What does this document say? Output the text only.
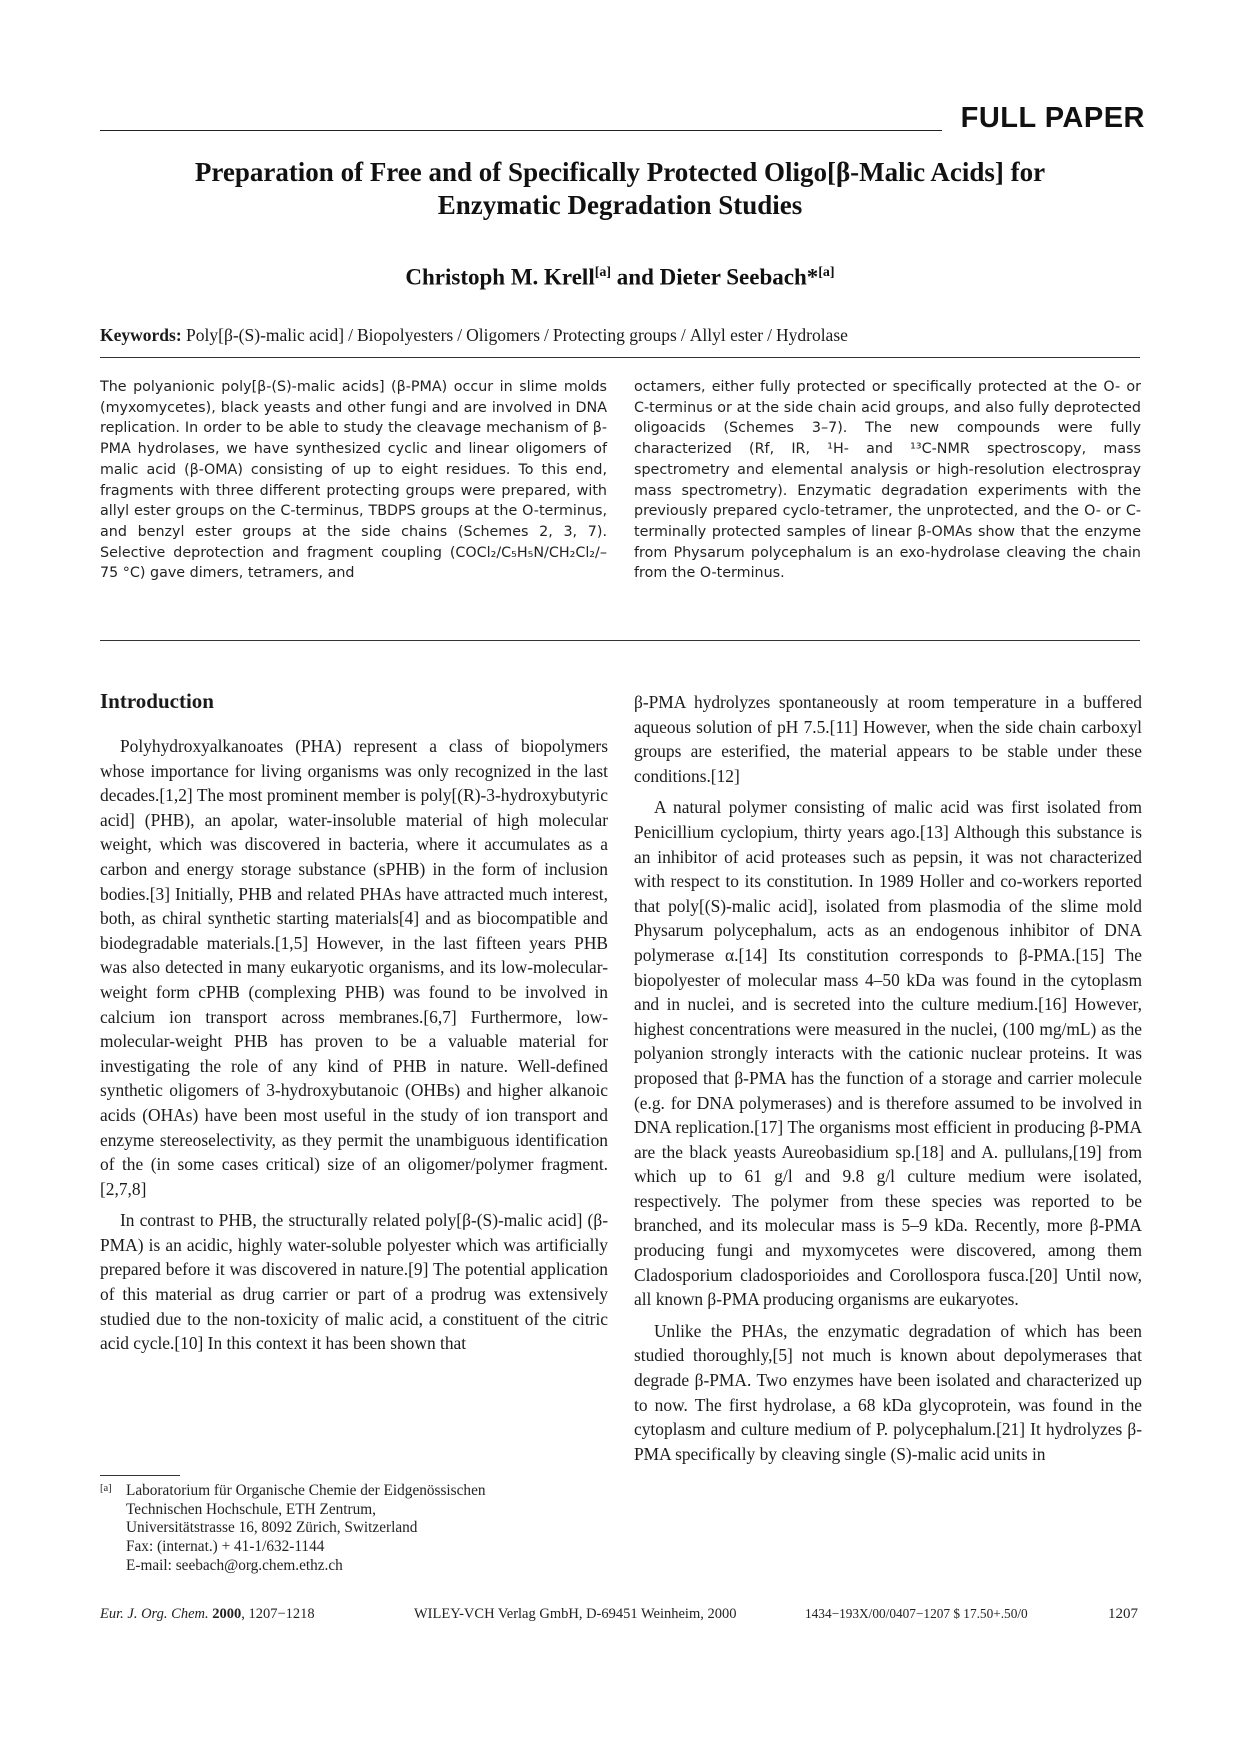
FULL PAPER
Preparation of Free and of Specifically Protected Oligo[β-Malic Acids] for
Enzymatic Degradation Studies
Christoph M. Krell[a] and Dieter Seebach*[a]
Keywords: Poly[β-(S)-malic acid] / Biopolyesters / Oligomers / Protecting groups / Allyl ester / Hydrolase

The polyanionic poly[β-(S)-malic acids] (β-PMA) occur in slime molds (myxomycetes), black yeasts and other fungi and are involved in DNA replication. In order to be able to study the cleavage mechanism of β-PMA hydrolases, we have synthesized cyclic and linear oligomers of malic acid (β-OMA) consisting of up to eight residues. To this end, fragments with three different protecting groups were prepared, with allyl ester groups on the C-terminus, TBDPS groups at the O-terminus, and benzyl ester groups at the side chains (Schemes 2, 3, 7). Selective deprotection and fragment coupling (COCl₂/C₅H₅N/CH₂Cl₂/–75 °C) gave dimers, tetramers, and

octamers, either fully protected or specifically protected at the O- or C-terminus or at the side chain acid groups, and also fully deprotected oligoacids (Schemes 3–7). The new compounds were fully characterized (Rf, IR, ¹H- and ¹³C-NMR spectroscopy, mass spectrometry and elemental analysis or high-resolution electrospray mass spectrometry). Enzymatic degradation experiments with the previously prepared cyclo-tetramer, the unprotected, and the O- or C-terminally protected samples of linear β-OMAs show that the enzyme from Physarum polycephalum is an exo-hydrolase cleaving the chain from the O-terminus.

Introduction

Polyhydroxyalkanoates (PHA) represent a class of biopolymers whose importance for living organisms was only recognized in the last decades.[1,2] The most prominent member is poly[(R)-3-hydroxybutyric acid] (PHB), an apolar, water-insoluble material of high molecular weight, which was discovered in bacteria, where it accumulates as a carbon and energy storage substance (sPHB) in the form of inclusion bodies.[3] Initially, PHB and related PHAs have attracted much interest, both, as chiral synthetic starting materials[4] and as biocompatible and biodegradable materials.[1,5] However, in the last fifteen years PHB was also detected in many eukaryotic organisms, and its low-molecular-weight form cPHB (complexing PHB) was found to be involved in calcium ion transport across membranes.[6,7] Furthermore, low-molecular-weight PHB has proven to be a valuable material for investigating the role of any kind of PHB in nature. Well-defined synthetic oligomers of 3-hydroxybutanoic (OHBs) and higher alkanoic acids (OHAs) have been most useful in the study of ion transport and enzyme stereoselectivity, as they permit the unambiguous identification of the (in some cases critical) size of an oligomer/polymer fragment.[2,7,8]

In contrast to PHB, the structurally related poly[β-(S)-malic acid] (β-PMA) is an acidic, highly water-soluble polyester which was artificially prepared before it was discovered in nature.[9] The potential application of this material as drug carrier or part of a prodrug was extensively studied due to the non-toxicity of malic acid, a constituent of the citric acid cycle.[10] In this context it has been shown that

β-PMA hydrolyzes spontaneously at room temperature in a buffered aqueous solution of pH 7.5.[11] However, when the side chain carboxyl groups are esterified, the material appears to be stable under these conditions.[12]

A natural polymer consisting of malic acid was first isolated from Penicillium cyclopium, thirty years ago.[13] Although this substance is an inhibitor of acid proteases such as pepsin, it was not characterized with respect to its constitution. In 1989 Holler and co-workers reported that poly[(S)-malic acid], isolated from plasmodia of the slime mold Physarum polycephalum, acts as an endogenous inhibitor of DNA polymerase α.[14] Its constitution corresponds to β-PMA.[15] The biopolyester of molecular mass 4–50 kDa was found in the cytoplasm and in nuclei, and is secreted into the culture medium.[16] However, highest concentrations were measured in the nuclei, (100 mg/mL) as the polyanion strongly interacts with the cationic nuclear proteins. It was proposed that β-PMA has the function of a storage and carrier molecule (e.g. for DNA polymerases) and is therefore assumed to be involved in DNA replication.[17] The organisms most efficient in producing β-PMA are the black yeasts Aureobasidium sp.[18] and A. pullulans,[19] from which up to 61 g/l and 9.8 g/l culture medium were isolated, respectively. The polymer from these species was reported to be branched, and its molecular mass is 5–9 kDa. Recently, more β-PMA producing fungi and myxomycetes were discovered, among them Cladosporium cladosporioides and Corollospora fusca.[20] Until now, all known β-PMA producing organisms are eukaryotes.

Unlike the PHAs, the enzymatic degradation of which has been studied thoroughly,[5] not much is known about depolymerases that degrade β-PMA. Two enzymes have been isolated and characterized up to now. The first hydrolase, a 68 kDa glycoprotein, was found in the cytoplasm and culture medium of P. polycephalum.[21] It hydrolyzes β-PMA specifically by cleaving single (S)-malic acid units in

[a] Laboratorium für Organische Chemie der Eidgenössischen
Technischen Hochschule, ETH Zentrum,
Universitätstrasse 16, 8092 Zürich, Switzerland
Fax: (internat.) + 41-1/632-1144
E-mail: seebach@org.chem.ethz.ch
Eur. J. Org. Chem. 2000, 1207−1218	WILEY-VCH Verlag GmbH, D-69451 Weinheim, 2000	1434−193X/00/0407−1207 $ 17.50+.50/0	1207
